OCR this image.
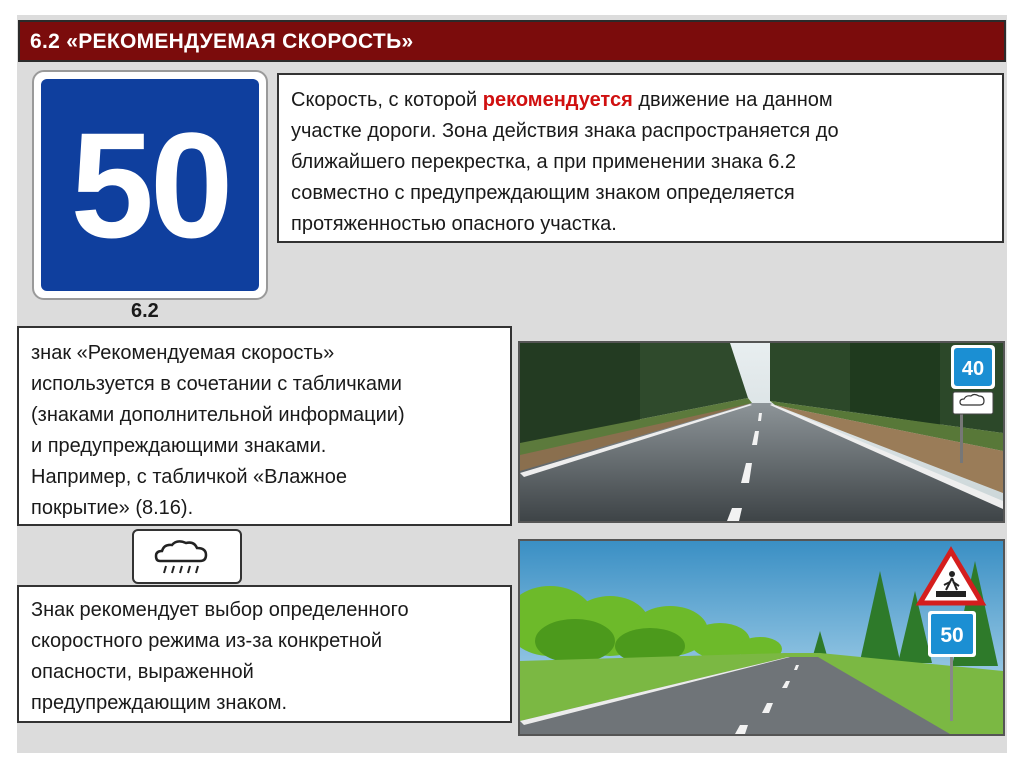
6.2 «РЕКОМЕНДУЕМАЯ СКОРОСТЬ»
50
6.2
Скорость, с которой рекомендуется движение на данном
участке дороги. Зона действия знака распространяется до
ближайшего перекрестка, а при применении знака 6.2
совместно с предупреждающим знаком определяется
протяженностью опасного участка.
знак «Рекомендуемая скорость»
используется в сочетании с табличками
(знаками дополнительной информации)
и предупреждающими знаками.
Например, с табличкой «Влажное
покрытие» (8.16).
Знак рекомендует выбор определенного
скоростного режима из-за конкретной
опасности, выраженной
предупреждающим знаком.
40
50
